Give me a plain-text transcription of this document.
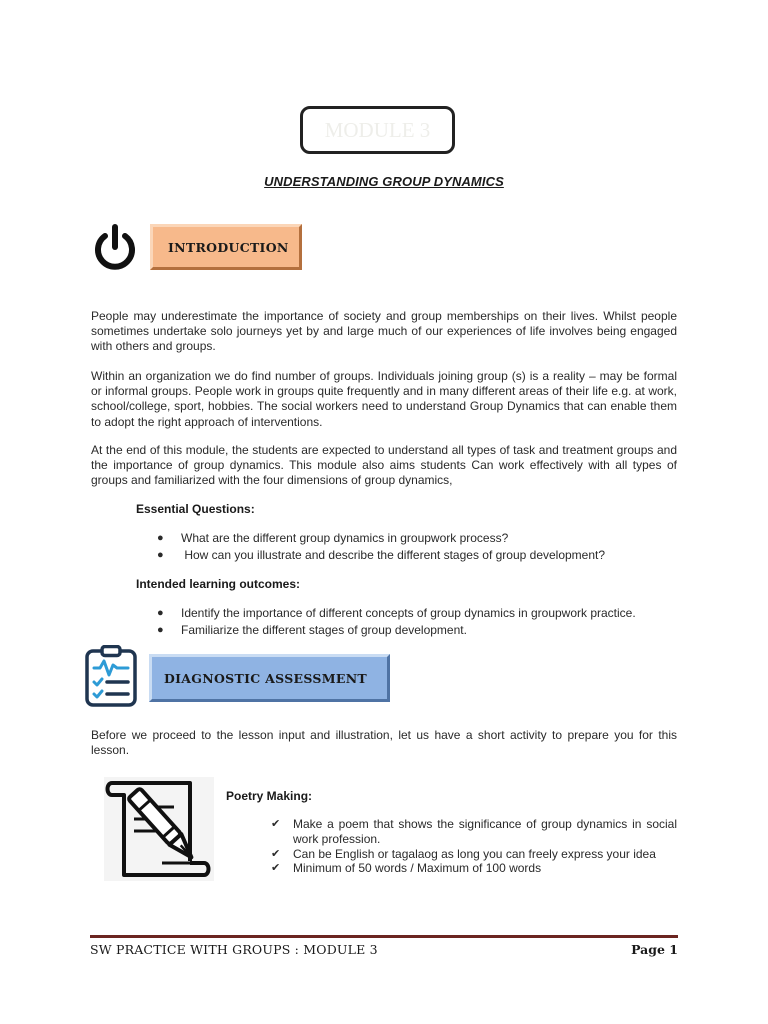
MODULE 3
UNDERSTANDING GROUP DYNAMICS
INTRODUCTION

People may underestimate the importance of society and group memberships on their lives. Whilst people sometimes undertake solo journeys yet by and large much of our experiences of life involves being engaged with others and groups.

Within an organization we do find number of groups. Individuals joining group (s) is a reality – may be formal or informal groups. People work in groups quite frequently and in many different areas of their life e.g. at work, school/college, sport, hobbies. The social workers need to understand Group Dynamics that can enable them to adopt the right approach of interventions.

At the end of this module, the students are expected to understand all types of task and treatment groups and the importance of group dynamics. This module also aims students Can work effectively with all types of groups and familiarized with the four dimensions of group dynamics,

Essential Questions:
● What are the different group dynamics in groupwork process?
●  How can you illustrate and describe the different stages of group development?
Intended learning outcomes:
● Identify the importance of different concepts of group dynamics in groupwork practice.
● Familiarize the different stages of group development.
DIAGNOSTIC ASSESSMENT

Before we proceed to the lesson input and illustration, let us have a short activity to prepare you for this lesson.

Poetry Making:
✔ Make a poem that shows the significance of group dynamics in social work profession.
✔ Can be English or tagalaog as long you can freely express your idea
✔ Minimum of 50 words / Maximum of 100 words
SW PRACTICE WITH GROUPS : MODULE 3	Page 1
